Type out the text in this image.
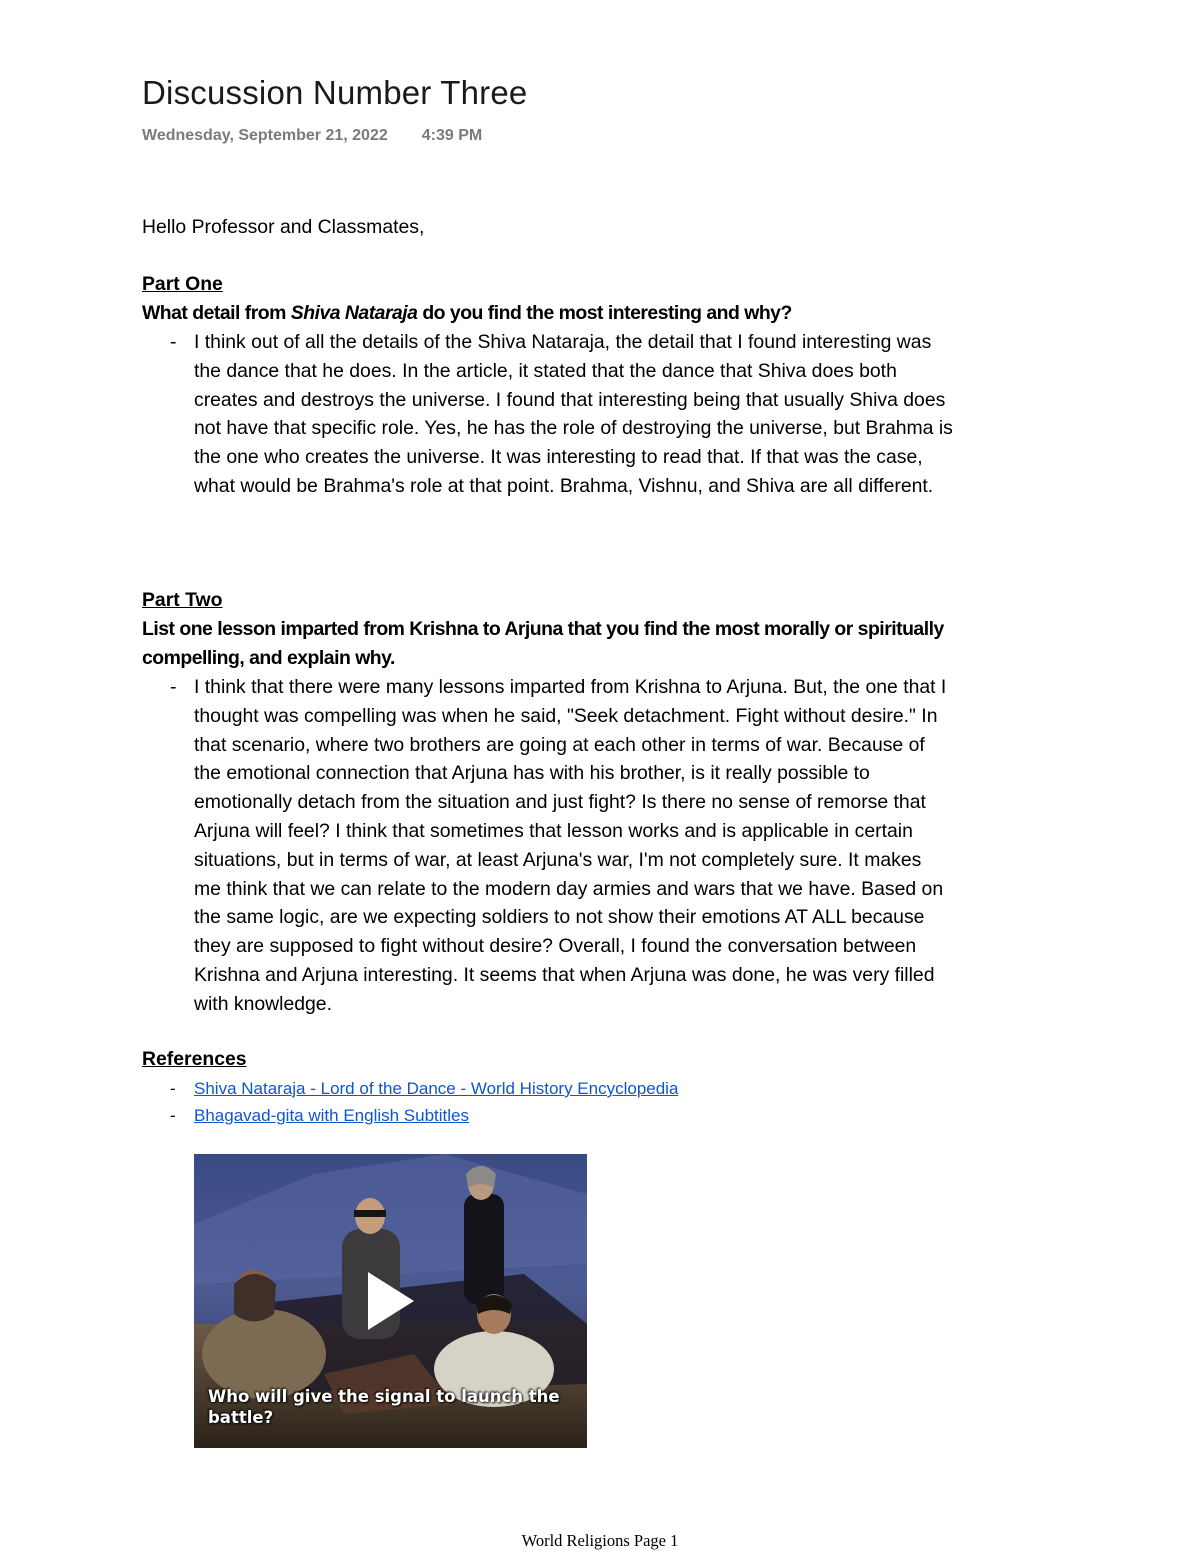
Discussion Number Three
Wednesday, September 21, 2022 4:39 PM
Hello Professor and Classmates,
Part One
What detail from Shiva Nataraja do you find the most interesting and why?
- I think out of all the details of the Shiva Nataraja, the detail that I found interesting was
the dance that he does. In the article, it stated that the dance that Shiva does both
creates and destroys the universe. I found that interesting being that usually Shiva does
not have that specific role. Yes, he has the role of destroying the universe, but Brahma is
the one who creates the universe. It was interesting to read that. If that was the case,
what would be Brahma's role at that point. Brahma, Vishnu, and Shiva are all different.
Part Two
List one lesson imparted from Krishna to Arjuna that you find the most morally or spiritually
compelling, and explain why.
- I think that there were many lessons imparted from Krishna to Arjuna. But, the one that I
thought was compelling was when he said, "Seek detachment. Fight without desire." In
that scenario, where two brothers are going at each other in terms of war. Because of
the emotional connection that Arjuna has with his brother, is it really possible to
emotionally detach from the situation and just fight? Is there no sense of remorse that
Arjuna will feel? I think that sometimes that lesson works and is applicable in certain
situations, but in terms of war, at least Arjuna's war, I'm not completely sure. It makes
me think that we can relate to the modern day armies and wars that we have. Based on
the same logic, are we expecting soldiers to not show their emotions AT ALL because
they are supposed to fight without desire? Overall, I found the conversation between
Krishna and Arjuna interesting. It seems that when Arjuna was done, he was very filled
with knowledge.
References
- Shiva Nataraja - Lord of the Dance - World History Encyclopedia
- Bhagavad-gita with English Subtitles
Who will give the signal to launch the battle?
World Religions Page 1
